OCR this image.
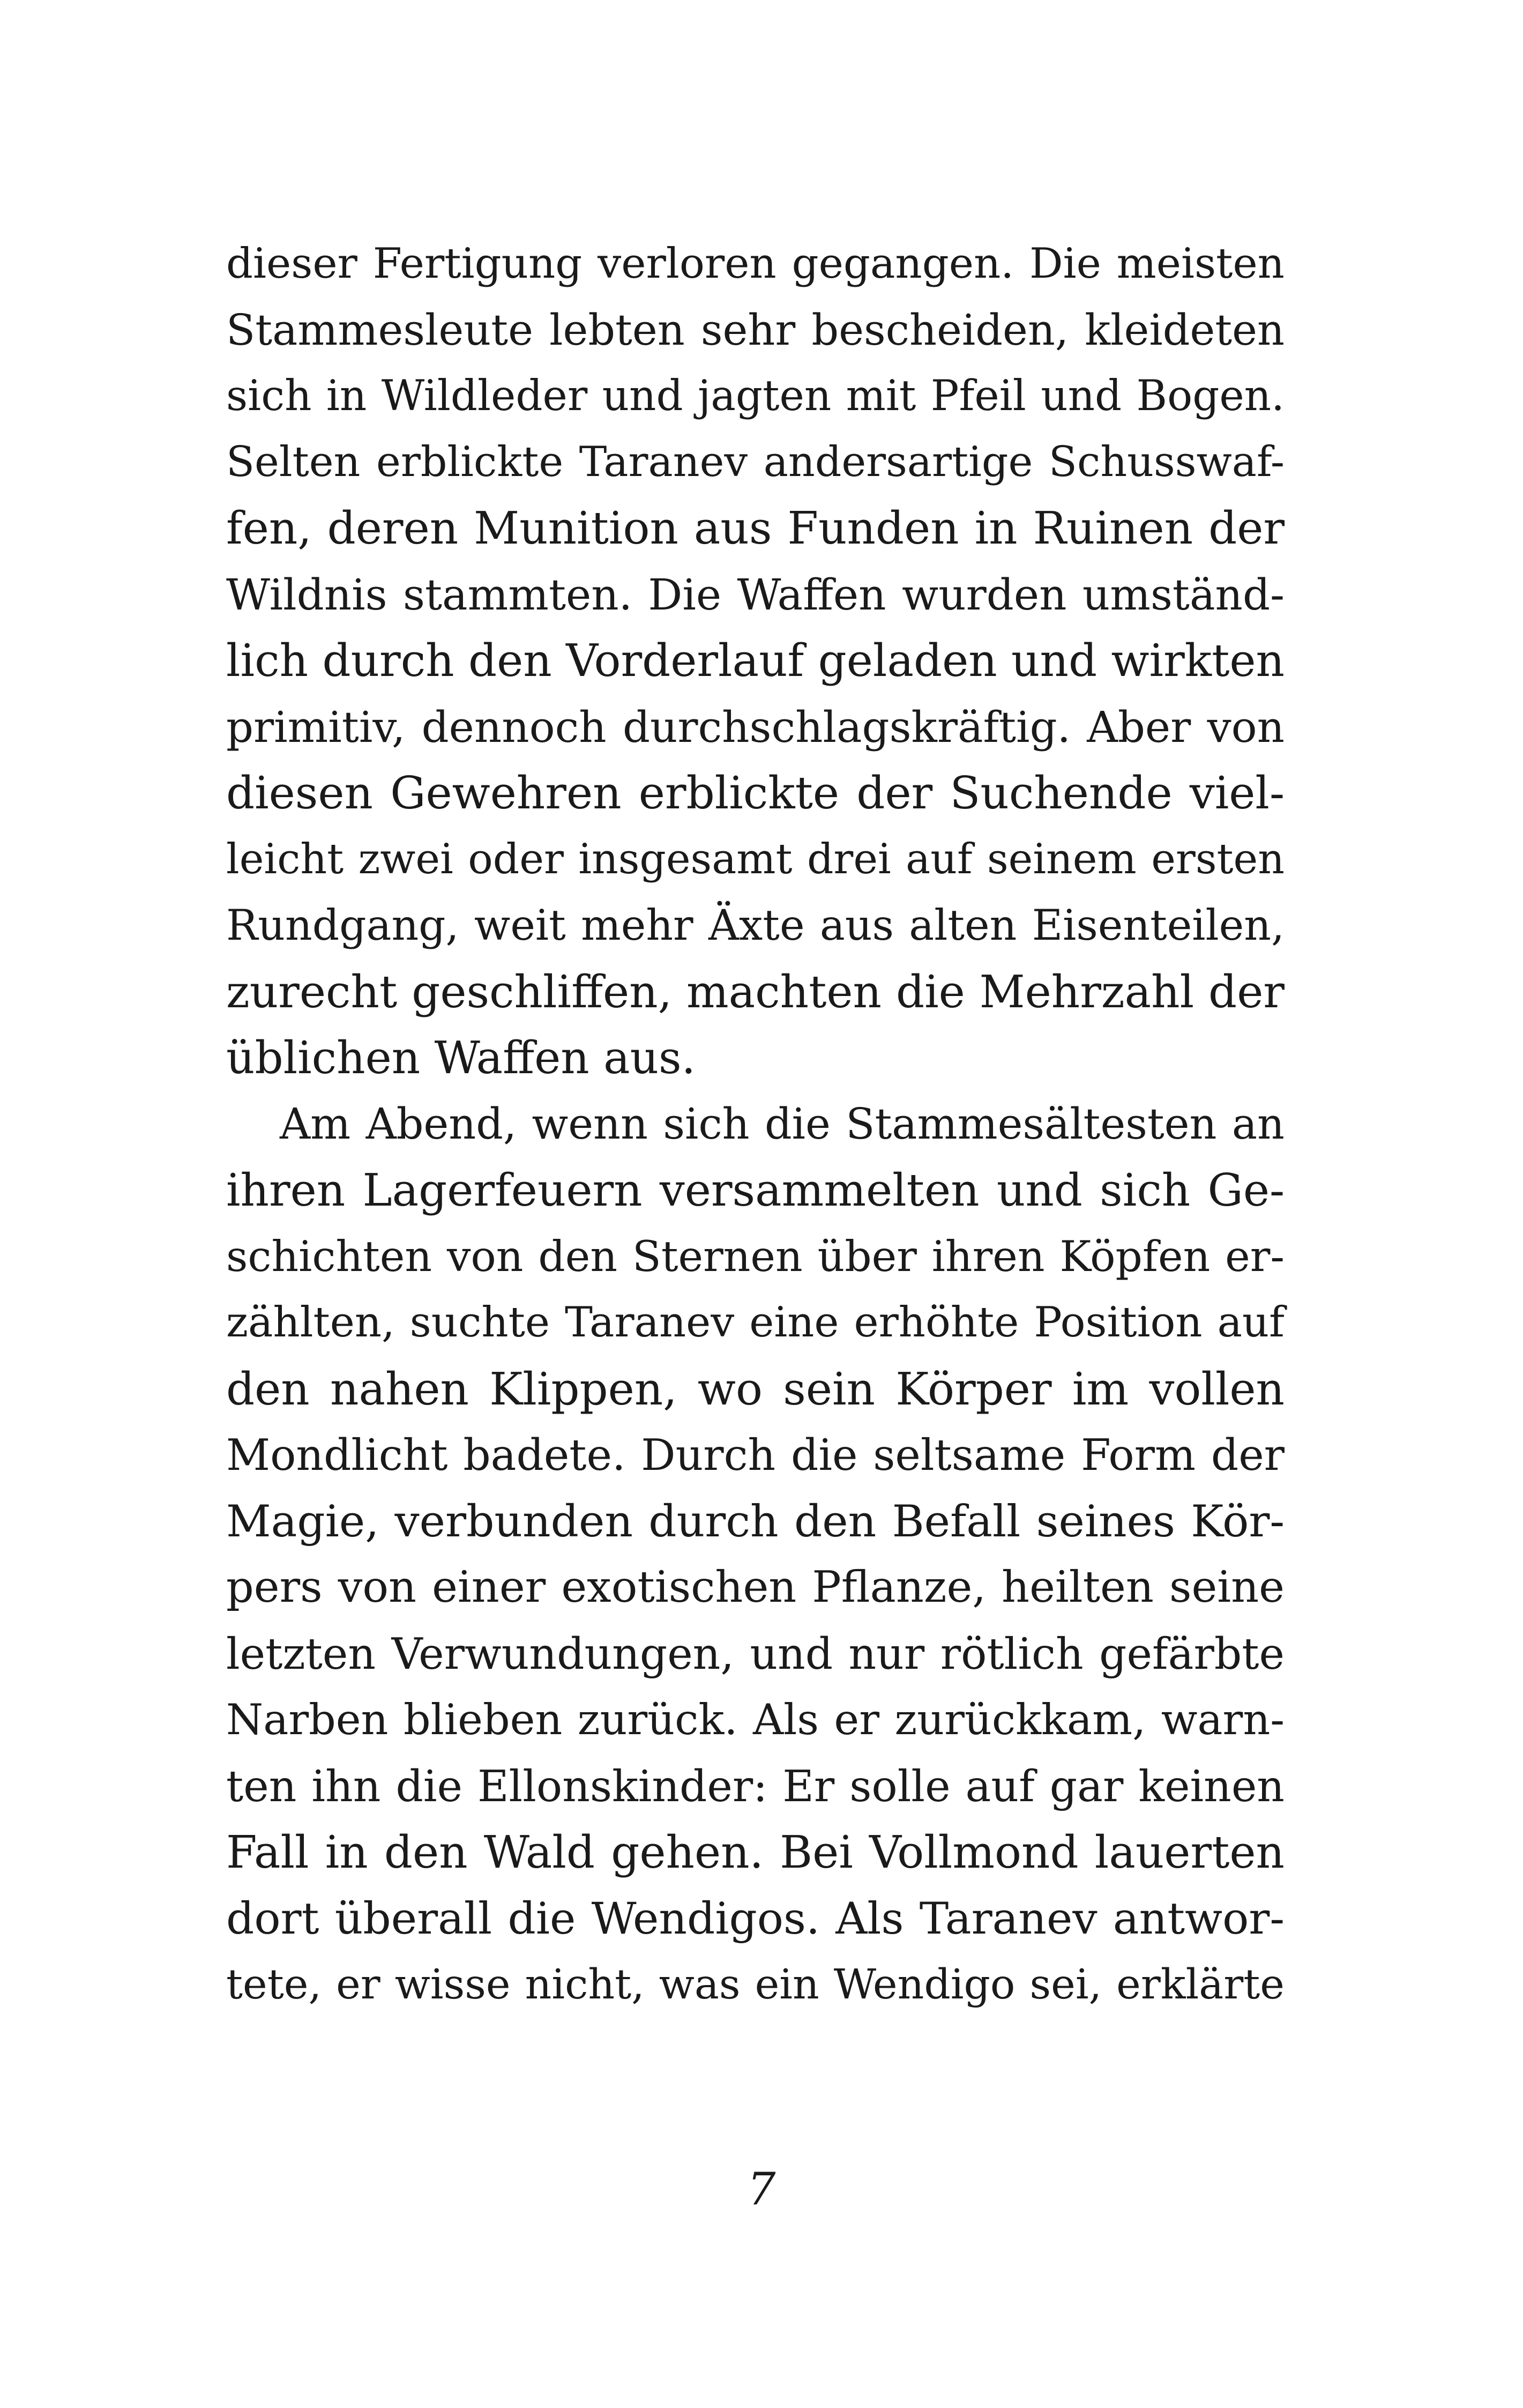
dieser Fertigung verloren gegangen. Die meisten
Stammesleute lebten sehr bescheiden, kleideten
sich in Wildleder und jagten mit Pfeil und Bogen.
Selten erblickte Taranev andersartige Schusswaf-
fen, deren Munition aus Funden in Ruinen der
Wildnis stammten. Die Waffen wurden umständ-
lich durch den Vorderlauf geladen und wirkten
primitiv, dennoch durchschlagskräftig. Aber von
diesen Gewehren erblickte der Suchende viel-
leicht zwei oder insgesamt drei auf seinem ersten
Rundgang, weit mehr Äxte aus alten Eisenteilen,
zurecht geschliffen, machten die Mehrzahl der
üblichen Waffen aus.
Am Abend, wenn sich die Stammesältesten an
ihren Lagerfeuern versammelten und sich Ge-
schichten von den Sternen über ihren Köpfen er-
zählten, suchte Taranev eine erhöhte Position auf
den nahen Klippen, wo sein Körper im vollen
Mondlicht badete. Durch die seltsame Form der
Magie, verbunden durch den Befall seines Kör-
pers von einer exotischen Pflanze, heilten seine
letzten Verwundungen, und nur rötlich gefärbte
Narben blieben zurück. Als er zurückkam, warn-
ten ihn die Ellonskinder: Er solle auf gar keinen
Fall in den Wald gehen. Bei Vollmond lauerten
dort überall die Wendigos. Als Taranev antwor-
tete, er wisse nicht, was ein Wendigo sei, erklärte
7
